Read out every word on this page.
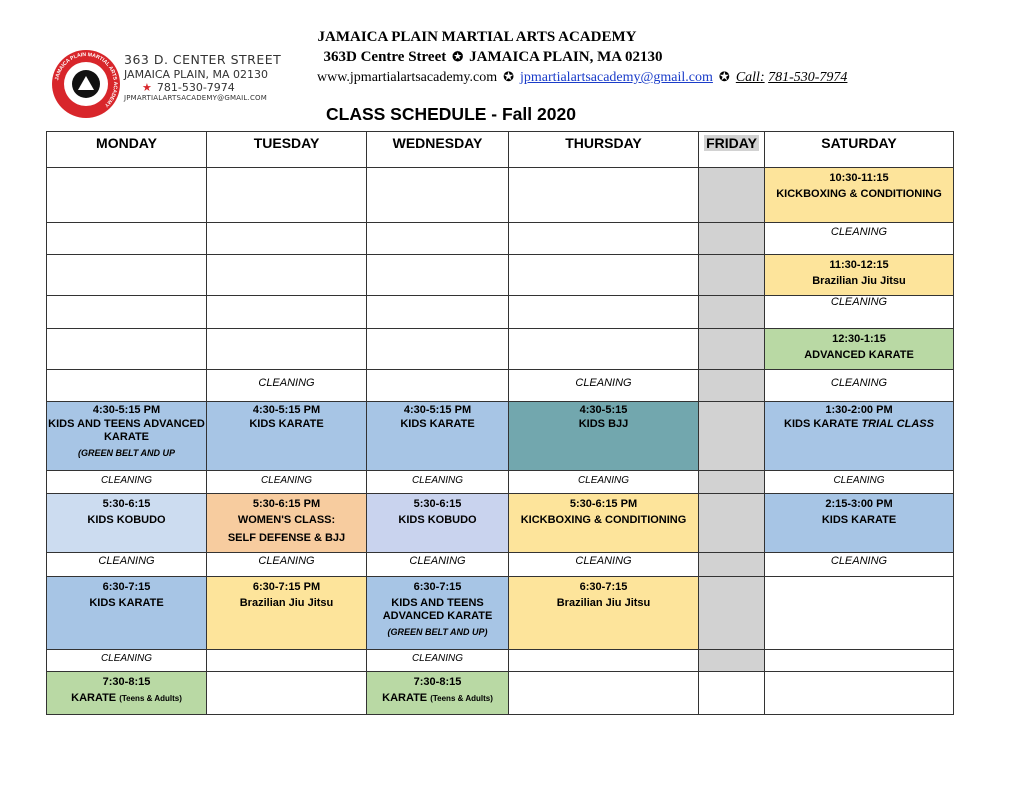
JAMAICA PLAIN MARTIAL ARTS ACADEMY
363 D. CENTER STREET
JAMAICA PLAIN, MA 02130
★ 781-530-7974
JPMARTIALARTSACADEMY@GMAIL.COM
JAMAICA PLAIN MARTIAL ARTS ACADEMY
363D Centre Street ✪ JAMAICA PLAIN, MA 02130
www.jpmartialartsacademy.com ✪ jpmartialartsacademy@gmail.com ✪ Call: 781-530-7974
CLASS SCHEDULE - Fall 2020
MONDAY	TUESDAY	WEDNESDAY	THURSDAY	FRIDAY	SATURDAY

					10:30-11:15
KICKBOXING & CONDITIONING

					CLEANING

					11:30-12:15
Brazilian Jiu Jitsu

					CLEANING

					12:30-1:15
ADVANCED KARATE

	CLEANING		CLEANING		CLEANING

4:30-5:15 PM
KIDS AND TEENS ADVANCED KARATE
(GREEN BELT AND UP	4:30-5:15 PM
KIDS KARATE	4:30-5:15 PM
KIDS KARATE	4:30-5:15
KIDS BJJ		1:30-2:00 PM
KIDS KARATE TRIAL CLASS

CLEANING	CLEANING	CLEANING	CLEANING		CLEANING

5:30-6:15
KIDS KOBUDO	5:30-6:15 PM
WOMEN'S CLASS:
SELF DEFENSE & BJJ	5:30-6:15
KIDS KOBUDO	5:30-6:15 PM
KICKBOXING & CONDITIONING		2:15-3:00 PM
KIDS KARATE

CLEANING	CLEANING	CLEANING	CLEANING		CLEANING

6:30-7:15
KIDS KARATE	6:30-7:15 PM
Brazilian Jiu Jitsu	6:30-7:15
KIDS AND TEENS ADVANCED KARATE
(GREEN BELT AND UP)	6:30-7:15
Brazilian Jiu Jitsu		

CLEANING		CLEANING			

7:30-8:15
KARATE (Teens & Adults)		7:30-8:15
KARATE (Teens & Adults)			
